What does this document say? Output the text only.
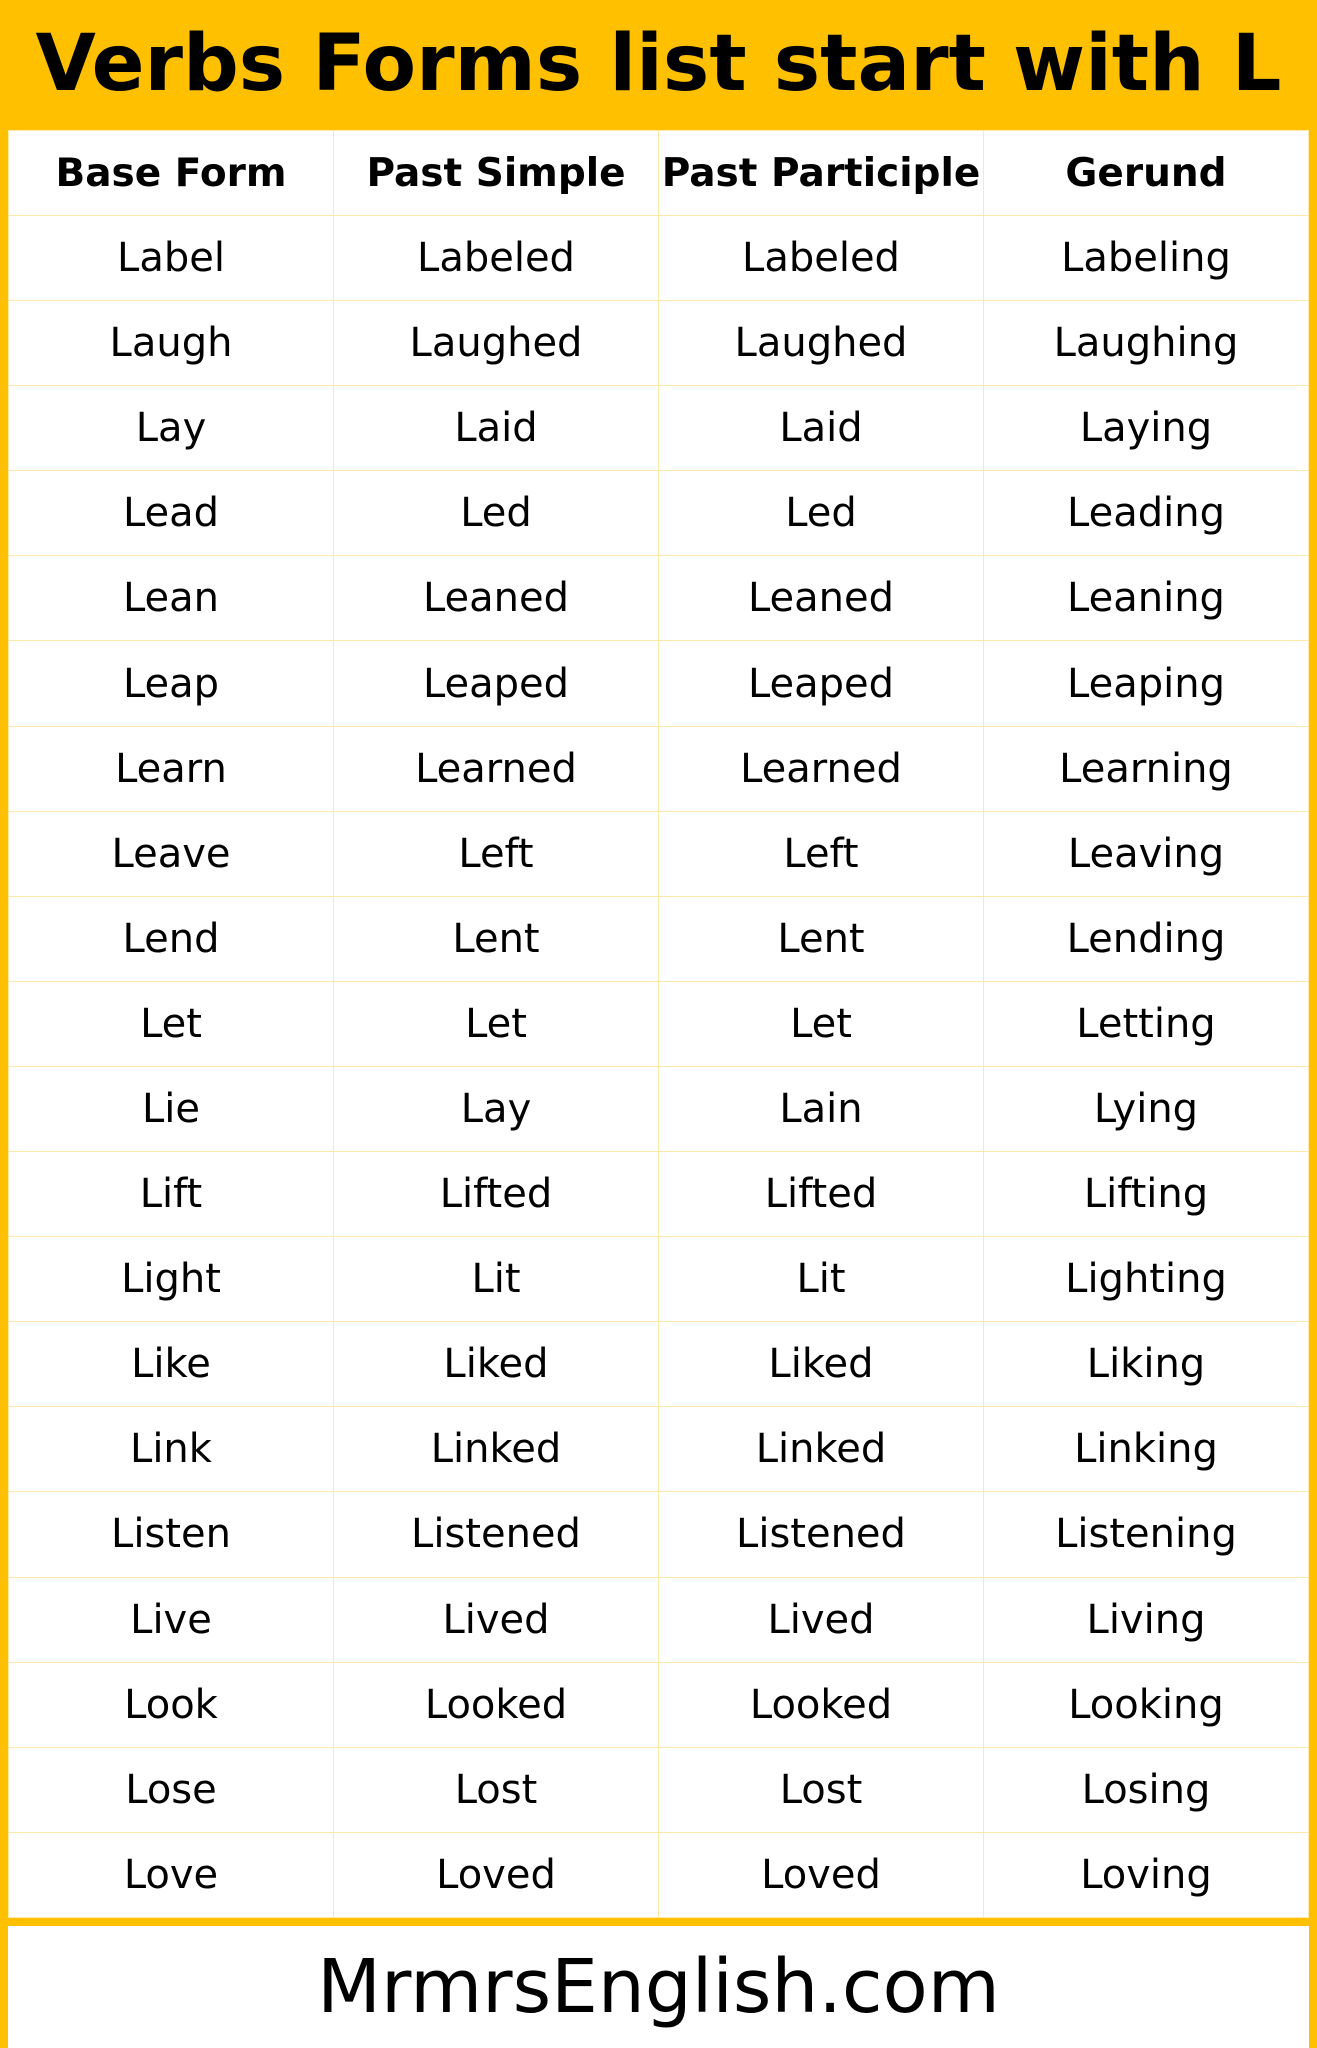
Verbs Forms list start with L
Base Form	Past Simple	Past Participle	Gerund
Label	Labeled	Labeled	Labeling
Laugh	Laughed	Laughed	Laughing
Lay	Laid	Laid	Laying
Lead	Led	Led	Leading
Lean	Leaned	Leaned	Leaning
Leap	Leaped	Leaped	Leaping
Learn	Learned	Learned	Learning
Leave	Left	Left	Leaving
Lend	Lent	Lent	Lending
Let	Let	Let	Letting
Lie	Lay	Lain	Lying
Lift	Lifted	Lifted	Lifting
Light	Lit	Lit	Lighting
Like	Liked	Liked	Liking
Link	Linked	Linked	Linking
Listen	Listened	Listened	Listening
Live	Lived	Lived	Living
Look	Looked	Looked	Looking
Lose	Lost	Lost	Losing
Love	Loved	Loved	Loving
MrmrsEnglish.com
